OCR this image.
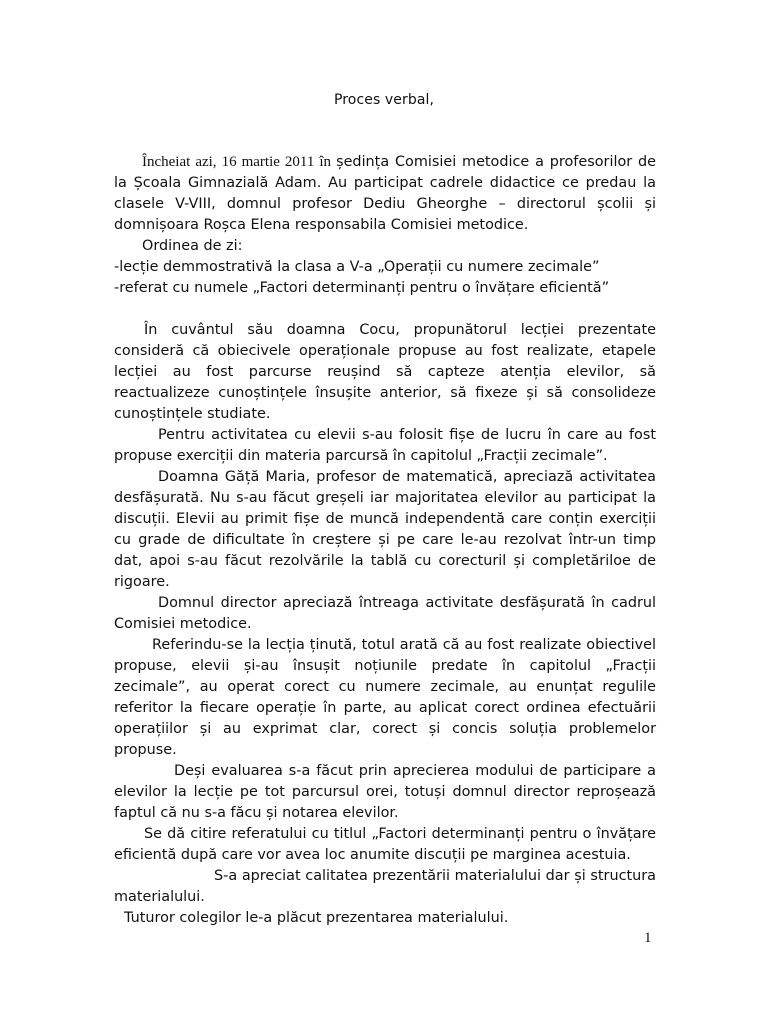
Proces verbal,

Încheiat azi, 16 martie 2011 în ședința Comisiei metodice a profesorilor de la Școala Gimnazială Adam. Au participat cadrele didactice ce predau la clasele V-VIII, domnul profesor Dediu Gheorghe – directorul școlii și domnișoara Roșca Elena responsabila Comisiei metodice.

Ordinea de zi:

-lecție demmostrativă la clasa a V-a „Operații cu numere zecimale”

-referat cu numele „Factori determinanți pentru o învățare eficientă”

În cuvântul său doamna Cocu, propunătorul lecției prezentate consideră că obiecivele operaționale propuse au fost realizate, etapele lecției au fost parcurse reușind să capteze atenția elevilor, să reactualizeze cunoștințele însușite anterior, să fixeze și să consolideze cunoștințele studiate.

Pentru activitatea cu elevii s-au folosit fișe de lucru în care au fost propuse exerciții din materia parcursă în capitolul „Fracții zecimale”.

Doamna Găță Maria, profesor de matematică, apreciază activitatea desfășurată. Nu s-au făcut greșeli iar majoritatea elevilor au participat la discuții. Elevii au primit fișe de muncă independentă care conțin exerciții cu grade de dificultate în creștere și pe care le-au rezolvat într-un timp dat, apoi s-au făcut rezolvările la tablă cu corecturil și completăriloe de rigoare.

Domnul director apreciază întreaga activitate desfășurată în cadrul Comisiei metodice.

Referindu-se la lecția ținută, totul arată că au fost realizate obiectivel propuse, elevii și-au însușit noțiunile predate în capitolul „Fracții zecimale”, au operat corect cu numere zecimale, au enunțat regulile referitor la fiecare operație în parte, au aplicat corect ordinea efectuării operațiilor și au exprimat clar, corect și concis soluția problemelor propuse.

Deși evaluarea s-a făcut prin aprecierea modului de participare a elevilor la lecție pe tot parcursul orei, totuși domnul director reproșează faptul că nu s-a făcu și notarea elevilor.

Se dă citire referatului cu titlul „Factori determinanți pentru o învățare eficientă după care vor avea loc anumite discuții pe marginea acestuia.

S-a apreciat calitatea prezentării materialului dar și structura materialului.

Tuturor colegilor le-a plăcut prezentarea materialului.

1
